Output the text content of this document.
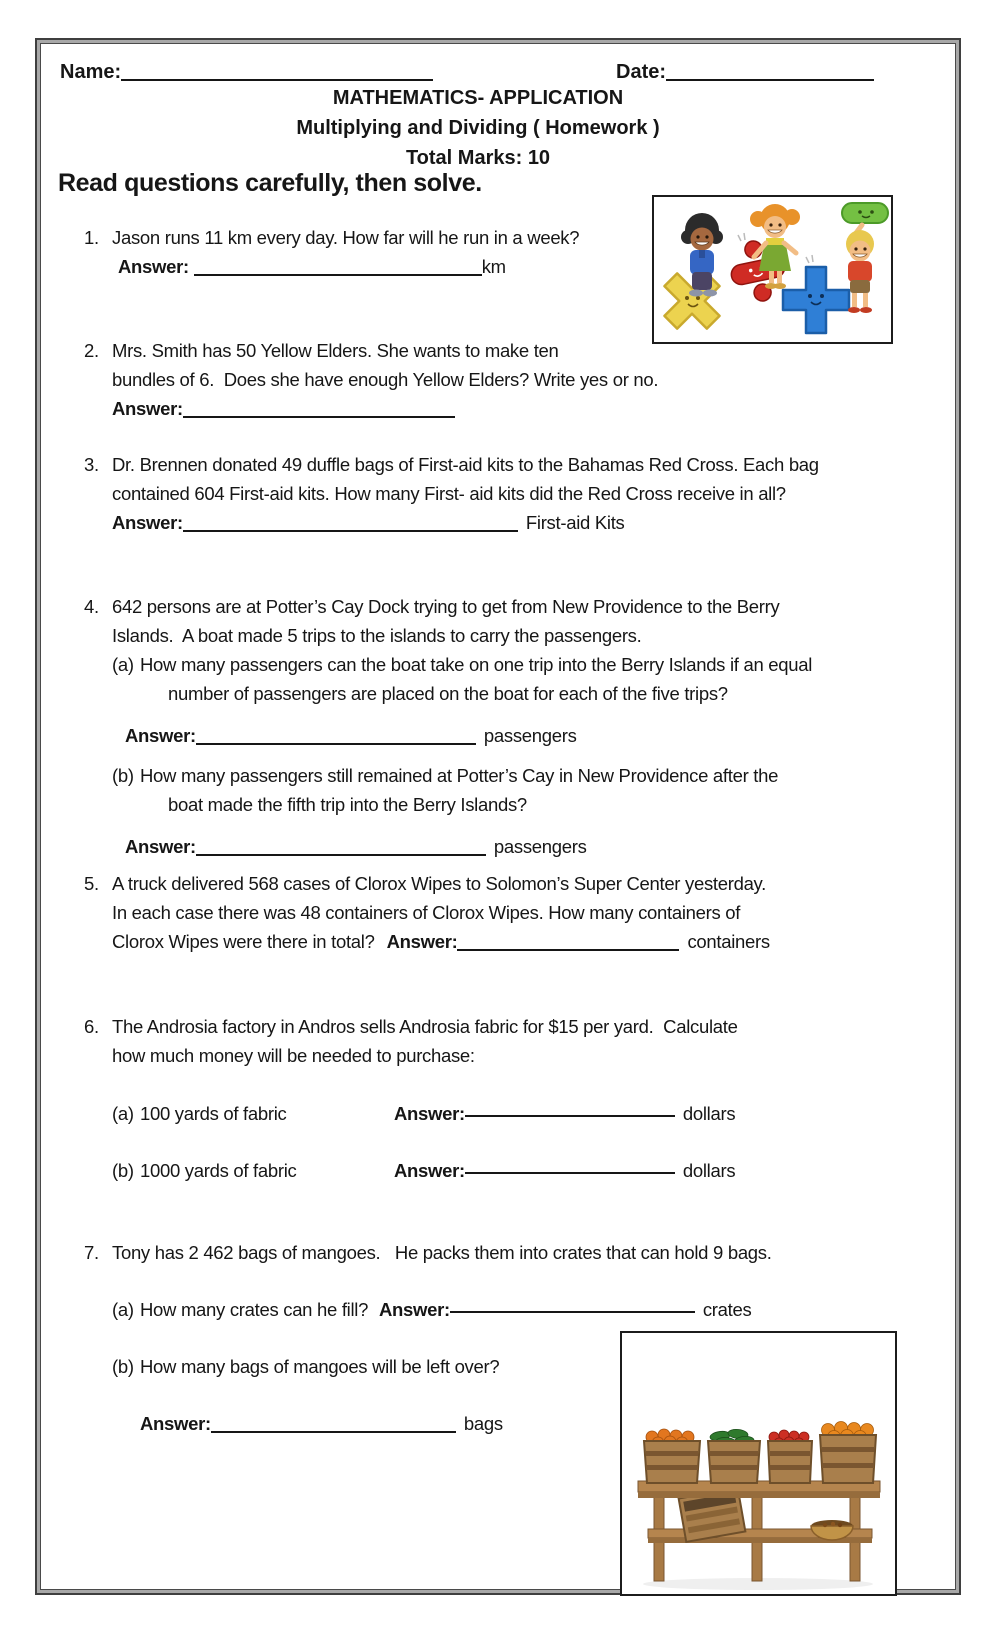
Name:	Date:
MATHEMATICS- APPLICATION
Multiplying and Dividing ( Homework )
Total Marks: 10
Read questions carefully, then solve.
1. Jason runs 11 km every day. How far will he run in a week?
Answer:	km
2. Mrs. Smith has 50 Yellow Elders. She wants to make ten
bundles of 6.  Does she have enough Yellow Elders? Write yes or no.
Answer:
3. Dr. Brennen donated 49 duffle bags of First-aid kits to the Bahamas Red Cross. Each bag
contained 604 First-aid kits. How many First- aid kits did the Red Cross receive in all?
Answer:	First-aid Kits
4. 642 persons are at Potter’s Cay Dock trying to get from New Providence to the Berry
Islands.  A boat made 5 trips to the islands to carry the passengers.
(a) How many passengers can the boat take on one trip into the Berry Islands if an equal
number of passengers are placed on the boat for each of the five trips?
Answer:	passengers
(b) How many passengers still remained at Potter’s Cay in New Providence after the
boat made the fifth trip into the Berry Islands?
Answer:	passengers
5. A truck delivered 568 cases of Clorox Wipes to Solomon’s Super Center yesterday.
In each case there was 48 containers of Clorox Wipes. How many containers of
Clorox Wipes were there in total? Answer:	containers
6. The Androsia factory in Andros sells Androsia fabric for $15 per yard.  Calculate
how much money will be needed to purchase:
(a) 100 yards of fabric	Answer:	dollars
(b) 1000 yards of fabric	Answer:	dollars
7. Tony has 2 462 bags of mangoes.   He packs them into crates that can hold 9 bags.
(a) How many crates can he fill? Answer:	crates
(b) How many bags of mangoes will be left over?
Answer:	bags
